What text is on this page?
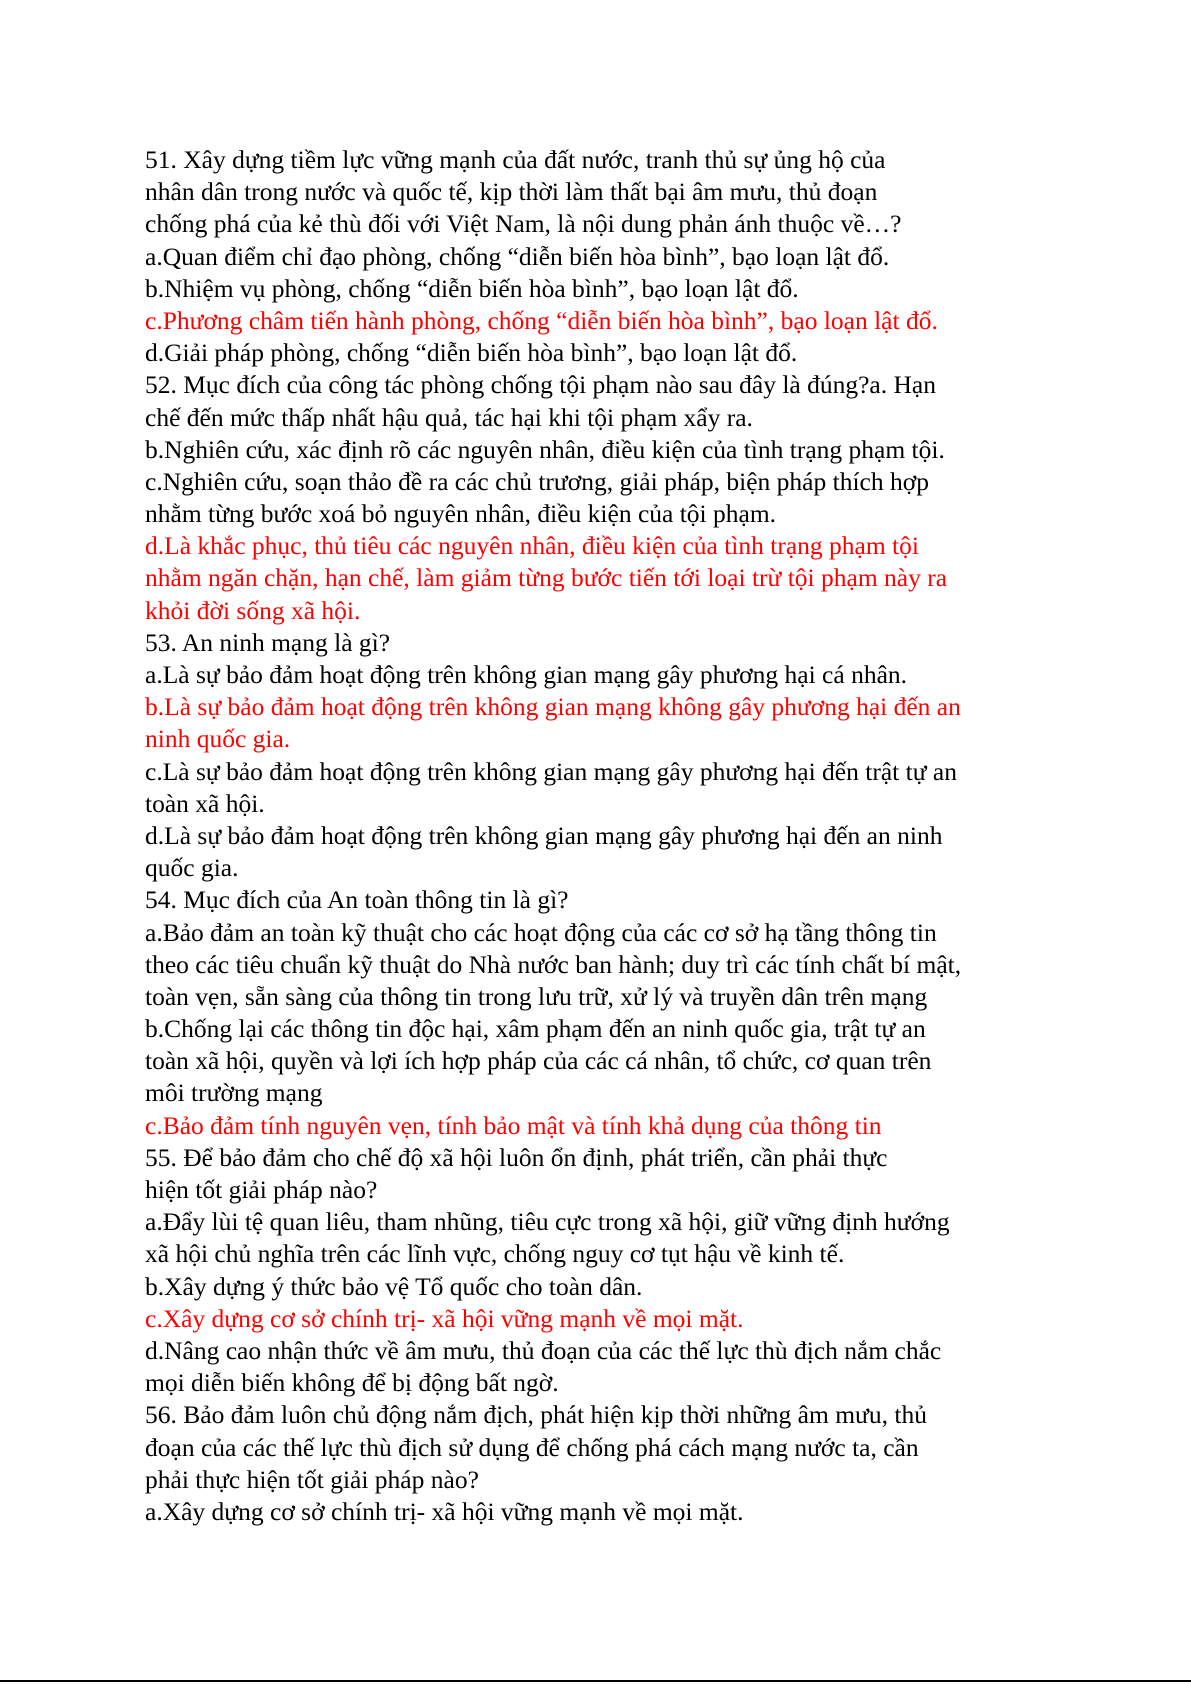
51. Xây dựng tiềm lực vững mạnh của đất nước, tranh thủ sự ủng hộ của
nhân dân trong nước và quốc tế, kịp thời làm thất bại âm mưu, thủ đoạn
chống phá của kẻ thù đối với Việt Nam, là nội dung phản ánh thuộc về…?
a.Quan điểm chỉ đạo phòng, chống “diễn biến hòa bình”, bạo loạn lật đổ.
b.Nhiệm vụ phòng, chống “diễn biến hòa bình”, bạo loạn lật đổ.
c.Phương châm tiến hành phòng, chống “diễn biến hòa bình”, bạo loạn lật đổ.
d.Giải pháp phòng, chống “diễn biến hòa bình”, bạo loạn lật đổ.
52. Mục đích của công tác phòng chống tội phạm nào sau đây là đúng?a. Hạn
chế đến mức thấp nhất hậu quả, tác hại khi tội phạm xẩy ra.
b.Nghiên cứu, xác định rõ các nguyên nhân, điều kiện của tình trạng phạm tội.
c.Nghiên cứu, soạn thảo đề ra các chủ trương, giải pháp, biện pháp thích hợp
nhằm từng bước xoá bỏ nguyên nhân, điều kiện của tội phạm.
d.Là khắc phục, thủ tiêu các nguyên nhân, điều kiện của tình trạng phạm tội
nhằm ngăn chặn, hạn chế, làm giảm từng bước tiến tới loại trừ tội phạm này ra
khỏi đời sống xã hội.
53. An ninh mạng là gì?
a.Là sự bảo đảm hoạt động trên không gian mạng gây phương hại cá nhân.
b.Là sự bảo đảm hoạt động trên không gian mạng không gây phương hại đến an
ninh quốc gia.
c.Là sự bảo đảm hoạt động trên không gian mạng gây phương hại đến trật tự an
toàn xã hội.
d.Là sự bảo đảm hoạt động trên không gian mạng gây phương hại đến an ninh
quốc gia.
54. Mục đích của An toàn thông tin là gì?
a.Bảo đảm an toàn kỹ thuật cho các hoạt động của các cơ sở hạ tầng thông tin
theo các tiêu chuẩn kỹ thuật do Nhà nước ban hành; duy trì các tính chất bí mật,
toàn vẹn, sẵn sàng của thông tin trong lưu trữ, xử lý và truyền dân trên mạng
b.Chống lại các thông tin độc hại, xâm phạm đến an ninh quốc gia, trật tự an
toàn xã hội, quyền và lợi ích hợp pháp của các cá nhân, tổ chức, cơ quan trên
môi trường mạng
c.Bảo đảm tính nguyên vẹn, tính bảo mật và tính khả dụng của thông tin
55. Để bảo đảm cho chế độ xã hội luôn ổn định, phát triển, cần phải thực
hiện tốt giải pháp nào?
a.Đẩy lùi tệ quan liêu, tham nhũng, tiêu cực trong xã hội, giữ vững định hướng
xã hội chủ nghĩa trên các lĩnh vực, chống nguy cơ tụt hậu về kinh tế.
b.Xây dựng ý thức bảo vệ Tổ quốc cho toàn dân.
c.Xây dựng cơ sở chính trị- xã hội vững mạnh về mọi mặt.
d.Nâng cao nhận thức về âm mưu, thủ đoạn của các thế lực thù địch nắm chắc
mọi diễn biến không để bị động bất ngờ.
56. Bảo đảm luôn chủ động nắm địch, phát hiện kịp thời những âm mưu, thủ
đoạn của các thế lực thù địch sử dụng để chống phá cách mạng nước ta, cần
phải thực hiện tốt giải pháp nào?
a.Xây dựng cơ sở chính trị- xã hội vững mạnh về mọi mặt.
